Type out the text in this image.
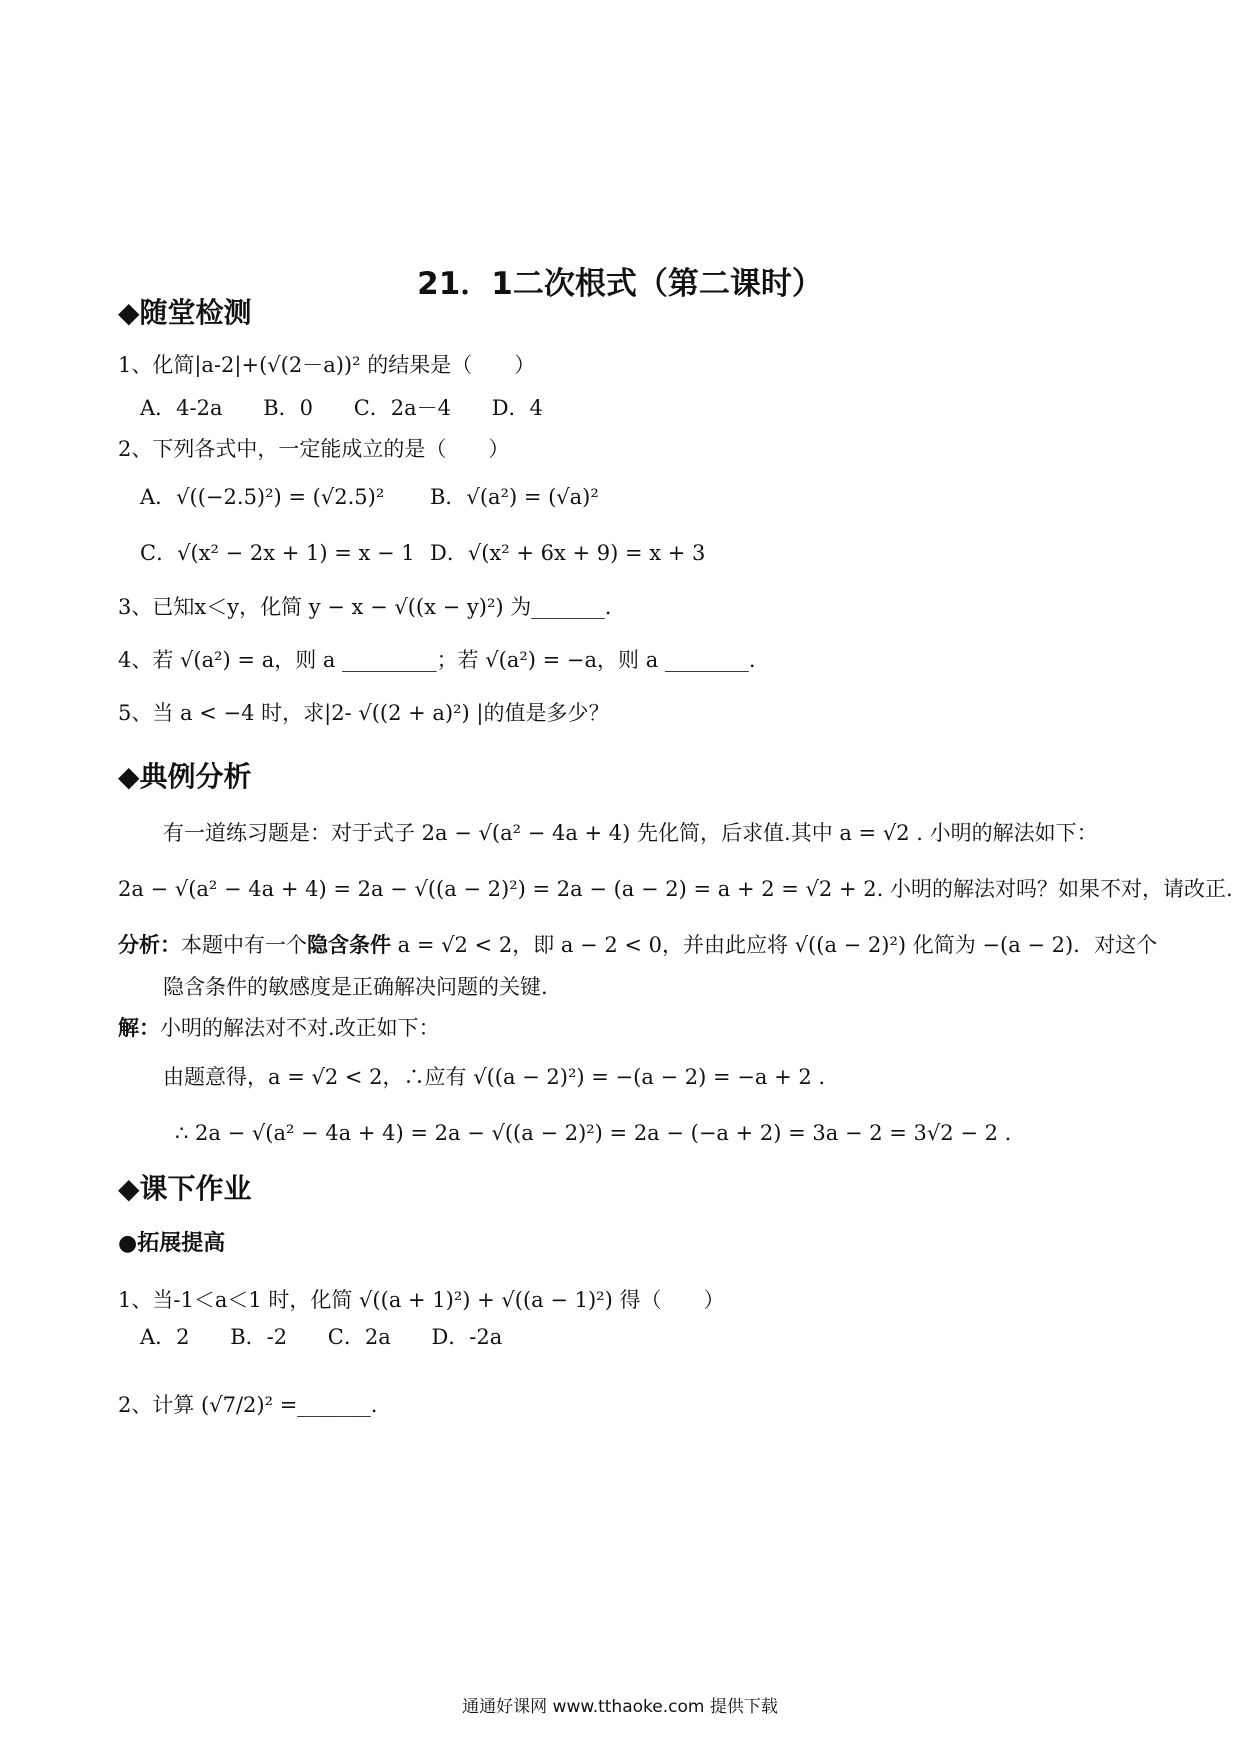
21．1二次根式（第二课时）
◆随堂检测
1、化简|a-2|+(√(2－a))² 的结果是（　　）
A．4-2a B．0 C．2a－4 D．4
2、下列各式中，一定能成立的是（　　）
A．√((−2.5)²) = (√2.5)² B．√(a²) = (√a)²
C．√(x² − 2x + 1) = x − 1 D．√(x² + 6x + 9) = x + 3
3、已知x＜y，化简 y − x − √((x − y)²) 为_______.
4、若 √(a²) = a，则 a _________；若 √(a²) = −a，则 a ________.
5、当 a < −4 时，求|2- √((2 + a)²) |的值是多少？
◆典例分析
有一道练习题是：对于式子 2a − √(a² − 4a + 4) 先化简，后求值.其中 a = √2 . 小明的解法如下：
2a − √(a² − 4a + 4) = 2a − √((a − 2)²) = 2a − (a − 2) = a + 2 = √2 + 2. 小明的解法对吗？如果不对，请改正.
分析：本题中有一个隐含条件 a = √2 < 2，即 a − 2 < 0，并由此应将 √((a − 2)²) 化简为 −(a − 2)．对这个
隐含条件的敏感度是正确解决问题的关键.
解：小明的解法对不对.改正如下：
由题意得，a = √2 < 2，∴应有 √((a − 2)²) = −(a − 2) = −a + 2 .
∴ 2a − √(a² − 4a + 4) = 2a − √((a − 2)²) = 2a − (−a + 2) = 3a − 2 = 3√2 − 2 .
◆课下作业
●拓展提高
1、当-1＜a＜1 时，化简 √((a + 1)²) + √((a − 1)²) 得（　　）
A．2 B．-2 C．2a D．-2a
2、计算 (√7/2)² =_______.
通通好课网 www.tthaoke.com 提供下载
